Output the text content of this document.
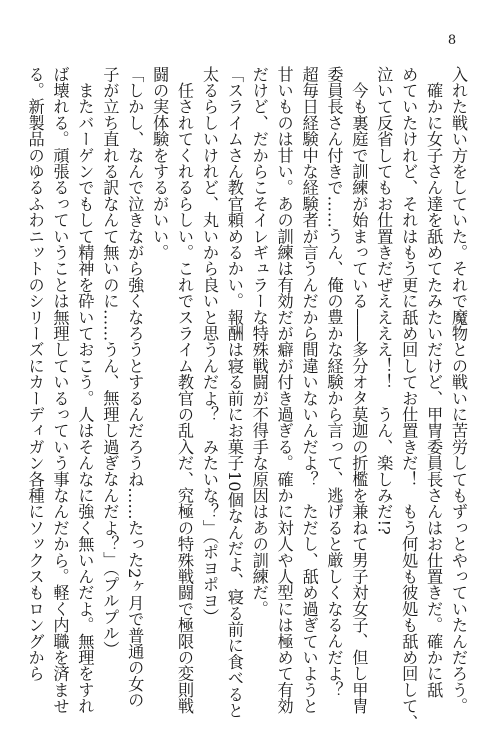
8

入れた戦い方をしていた。それで魔物との戦いに苦労してもずっとやっていたんだろう。

　確かに女子さん達を舐めてたみたいだけど、甲冑委員長さんはお仕置きだ。確かに舐

めていたけれど、それはもう更に舐め回してお仕置きだ！　もう何処も彼処も舐め回して、

泣いて反省してもお仕置きだぜええええ！！　うん、楽しみだ!?

　今も裏庭で訓練が始まっている――多分オタ莫迦の折檻を兼ねて男子対女子、但し甲冑

委員長さん付きで……うん、俺の豊かな経験から言って、逃げると厳しくなるんだよ？

超毎日経験中な経験者が言うんだから間違いないんだよ？　ただし、舐め過ぎていようと

甘いものは甘い。あの訓練は有効だが癖が付き過ぎる。確かに対人や人型には極めて有効

だけど、だからこそイレギュラーな特殊戦闘が不得手な原因はあの訓練だ。

「スライムさん教官頼めるかい。報酬は寝る前にお菓子10個なんだよ、寝る前に食べると

太るらしいけれど、丸いから良いと思うんだよ？　みたいな？」（ポヨポヨ）

　任されてくれるらしい。これでスライム教官の乱入だ、究極の特殊戦闘で極限の変則戦

闘の実体験をするがいい。

「しかし、なんで泣きながら強くなろうとするんだろうね……たった2ヶ月で普通の女の

子が立ち直れる訳なんて無いのに……うん、無理し過ぎなんだよ？」（プルプル）

　またバーゲンでもして精神を砕いておこう。人はそんなに強く無いんだよ。無理をすれ

ば壊れる。頑張るっていうことは無理しているっていう事なんだから。軽く内職を済ませ

る。新製品のゆるふわニットのシリーズにカーディガン各種にソックスもロングから
